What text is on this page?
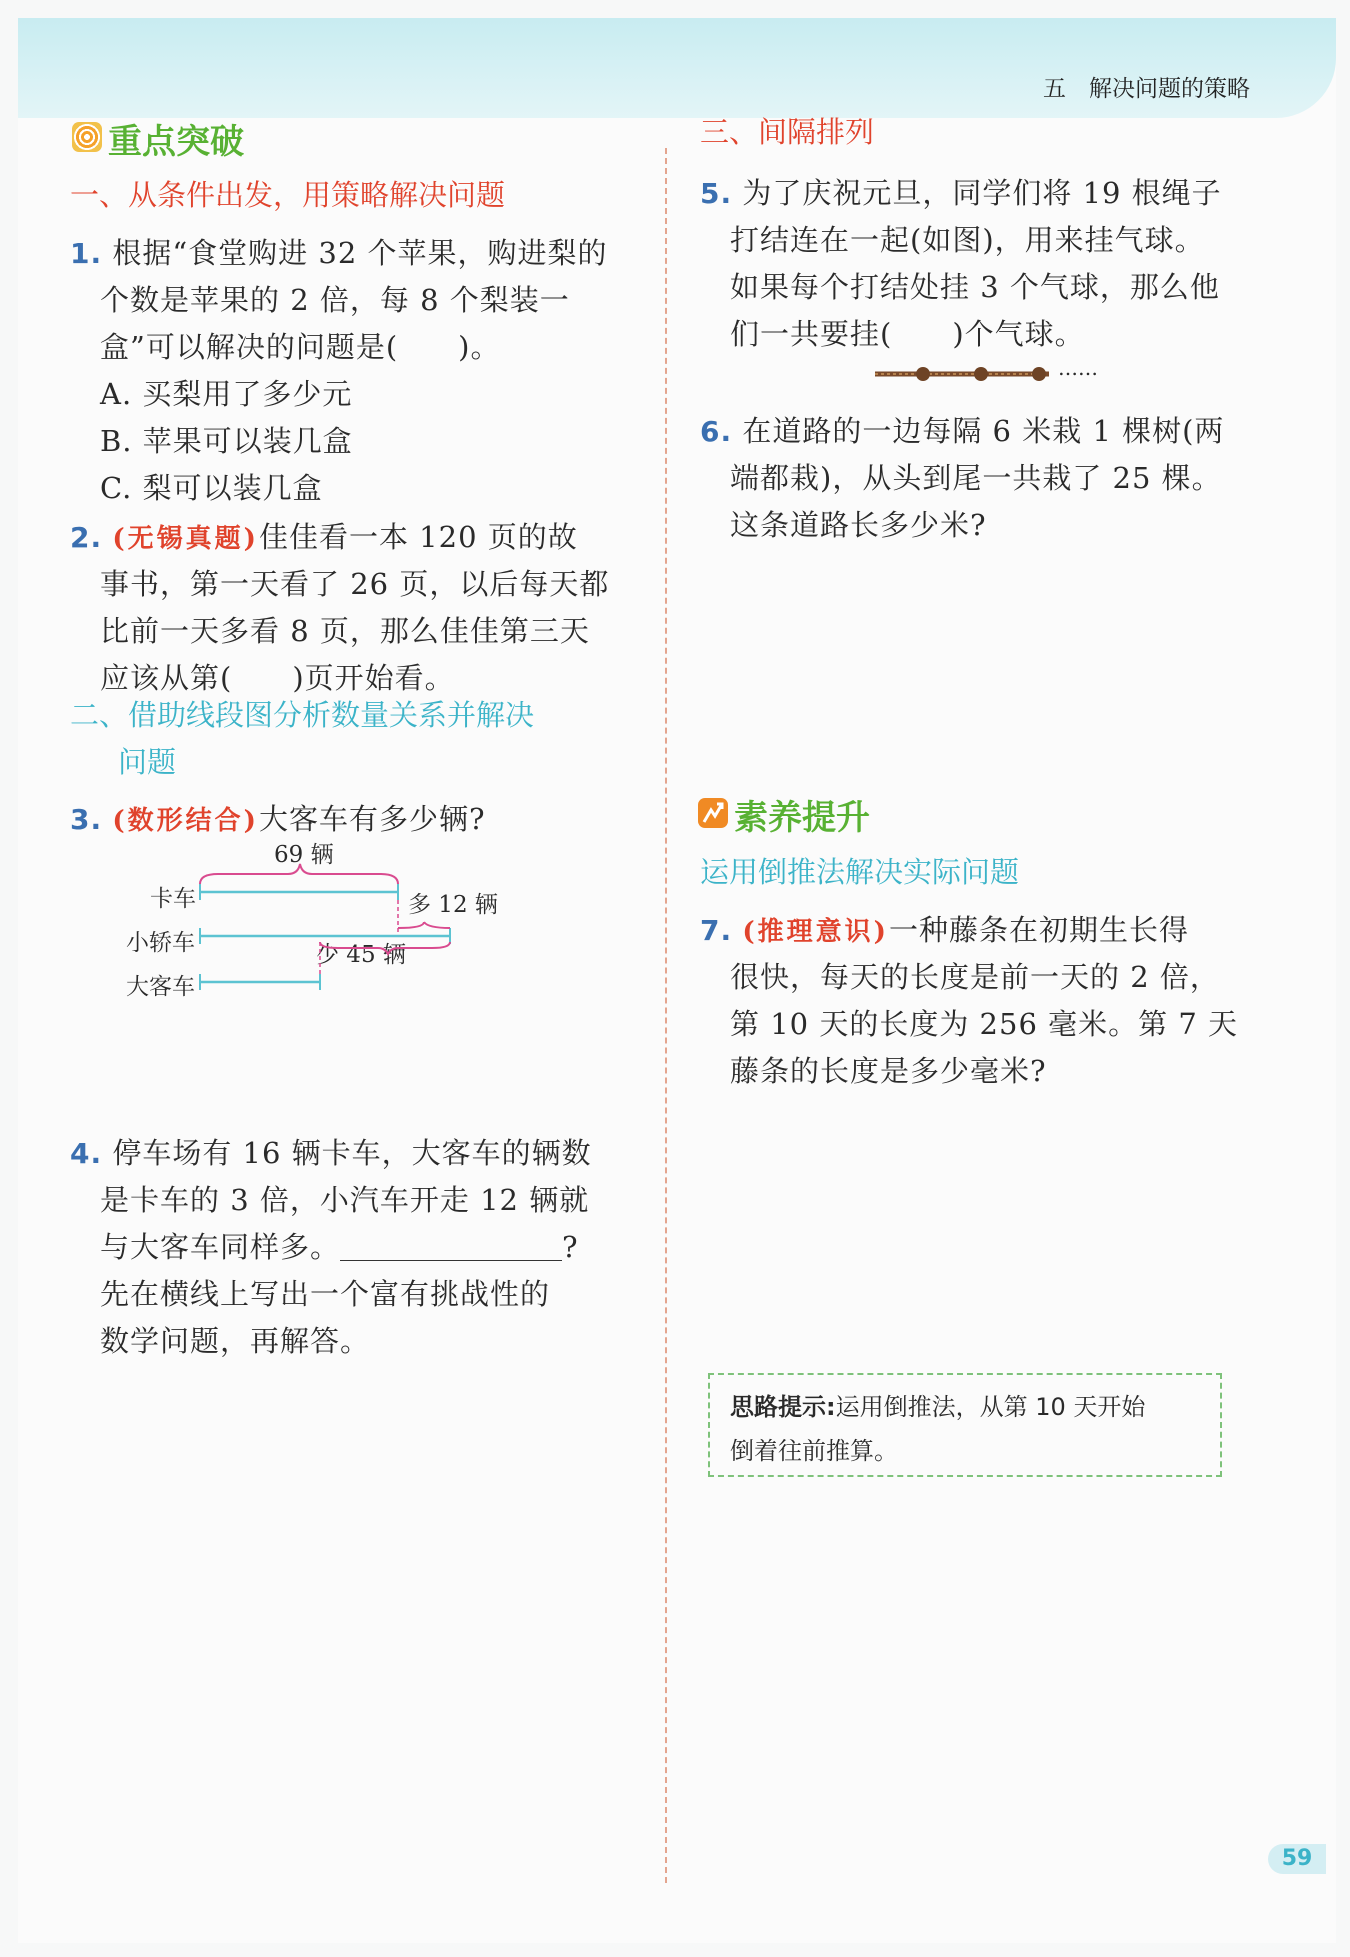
五　解决问题的策略
重点突破
一、从条件出发，用策略解决问题
1. 根据“食堂购进 32 个苹果，购进梨的
个数是苹果的 2 倍，每 8 个梨装一
盒”可以解决的问题是(　　)。
A. 买梨用了多少元
B. 苹果可以装几盒
C. 梨可以装几盒
2. (无锡真题)佳佳看一本 120 页的故
事书，第一天看了 26 页，以后每天都
比前一天多看 8 页，那么佳佳第三天
应该从第(　　)页开始看。
二、借助线段图分析数量关系并解决
问题
3. (数形结合)大客车有多少辆?
69 辆
卡车
小轿车
大客车
多 12 辆
少 45 辆
4. 停车场有 16 辆卡车，大客车的辆数
是卡车的 3 倍，小汽车开走 12 辆就
与大客车同样多。	?
先在横线上写出一个富有挑战性的
数学问题，再解答。
三、间隔排列
5. 为了庆祝元旦，同学们将 19 根绳子
打结连在一起(如图)，用来挂气球。
如果每个打结处挂 3 个气球，那么他
们一共要挂(　　)个气球。
……
6. 在道路的一边每隔 6 米栽 1 棵树(两
端都栽)，从头到尾一共栽了 25 棵。
这条道路长多少米?
素养提升
运用倒推法解决实际问题
7. (推理意识)一种藤条在初期生长得
很快，每天的长度是前一天的 2 倍，
第 10 天的长度为 256 毫米。第 7 天
藤条的长度是多少毫米?
思路提示:运用倒推法，从第 10 天开始
倒着往前推算。
59
